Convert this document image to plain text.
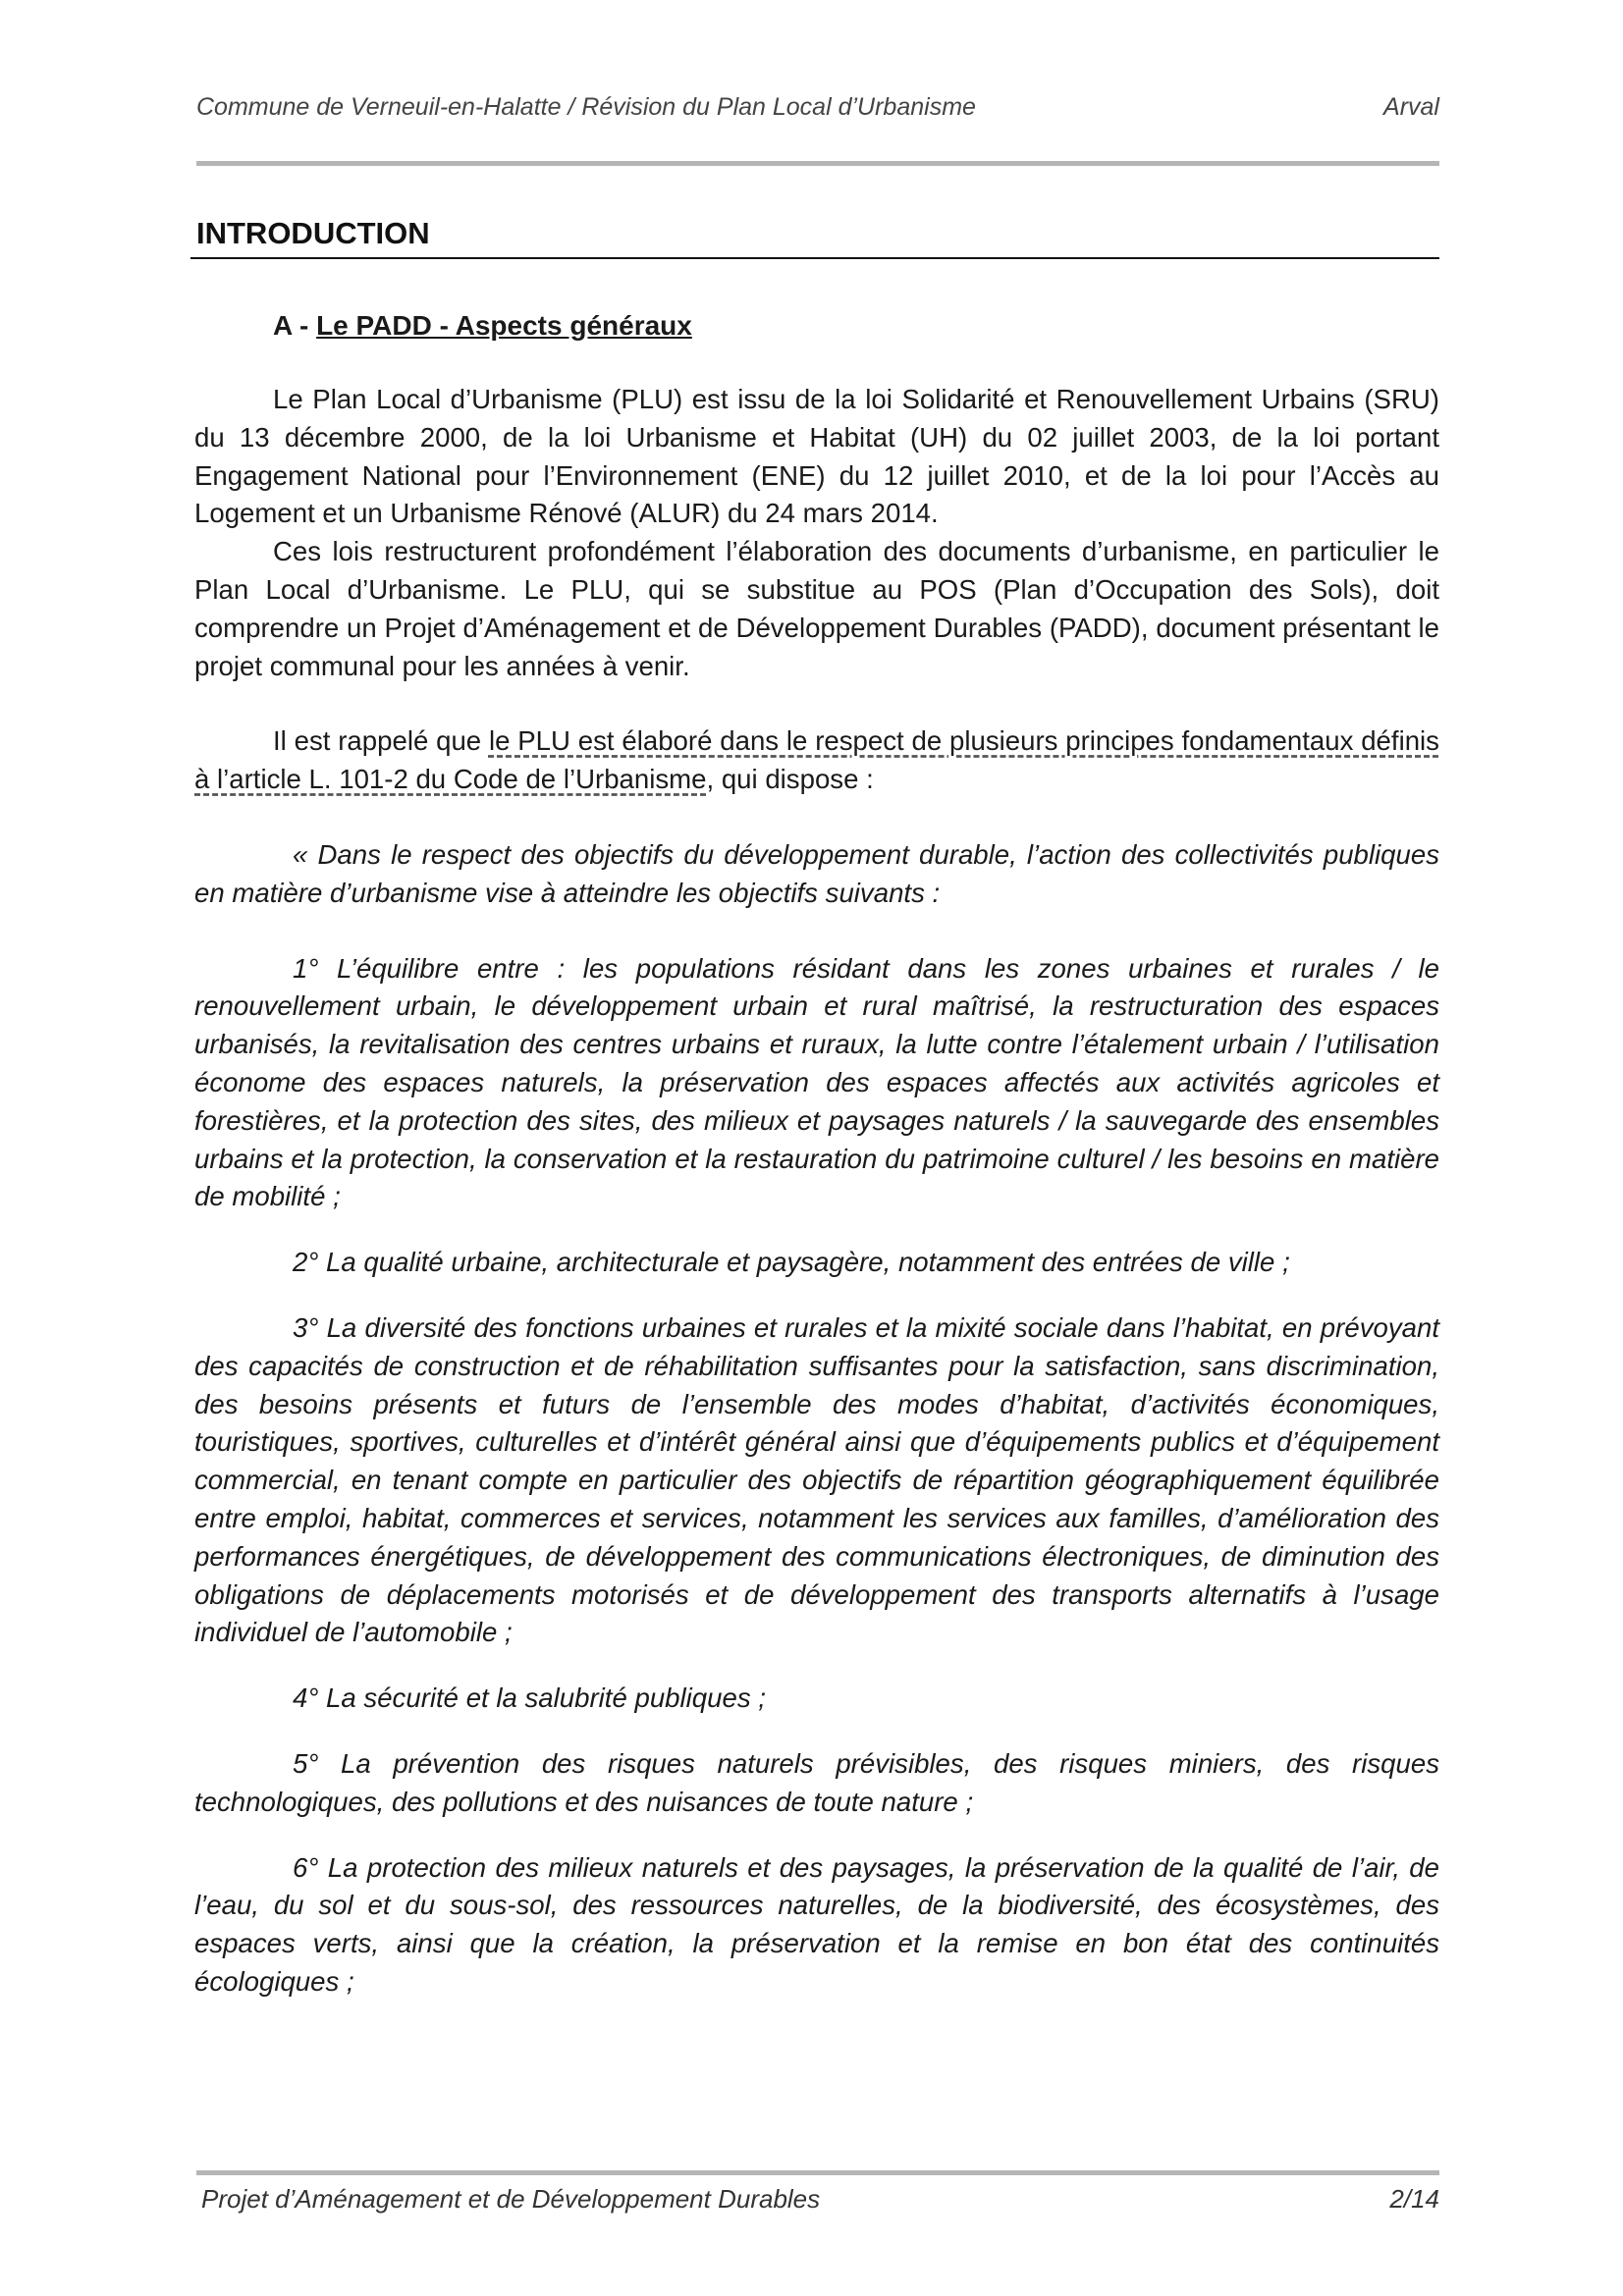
Commune de Verneuil-en-Halatte / Révision du Plan Local d’Urbanisme	Arval
INTRODUCTION
A - Le PADD - Aspects généraux

Le Plan Local d’Urbanisme (PLU) est issu de la loi Solidarité et Renouvellement Urbains (SRU) du 13 décembre 2000, de la loi Urbanisme et Habitat (UH) du 02 juillet 2003, de la loi portant Engagement National pour l’Environnement (ENE) du 12 juillet 2010, et de la loi pour l’Accès au Logement et un Urbanisme Rénové (ALUR) du 24 mars 2014.

Ces lois restructurent profondément l’élaboration des documents d’urbanisme, en particulier le Plan Local d’Urbanisme. Le PLU, qui se substitue au POS (Plan d’Occupation des Sols), doit comprendre un Projet d’Aménagement et de Développement Durables (PADD), document présentant le projet communal pour les années à venir.

Il est rappelé que le PLU est élaboré dans le respect de plusieurs principes fondamentaux définis à l’article L. 101-2 du Code de l’Urbanisme, qui dispose :

« Dans le respect des objectifs du développement durable, l’action des collectivités publiques en matière d’urbanisme vise à atteindre les objectifs suivants :

1° L’équilibre entre : les populations résidant dans les zones urbaines et rurales / le renouvellement urbain, le développement urbain et rural maîtrisé, la restructuration des espaces urbanisés, la revitalisation des centres urbains et ruraux, la lutte contre l’étalement urbain / l’utilisation économe des espaces naturels, la préservation des espaces affectés aux activités agricoles et forestières, et la protection des sites, des milieux et paysages naturels / la sauvegarde des ensembles urbains et la protection, la conservation et la restauration du patrimoine culturel / les besoins en matière de mobilité ;

2° La qualité urbaine, architecturale et paysagère, notamment des entrées de ville ;

3° La diversité des fonctions urbaines et rurales et la mixité sociale dans l’habitat, en prévoyant des capacités de construction et de réhabilitation suffisantes pour la satisfaction, sans discrimination, des besoins présents et futurs de l’ensemble des modes d’habitat, d’activités économiques, touristiques, sportives, culturelles et d’intérêt général ainsi que d’équipements publics et d’équipement commercial, en tenant compte en particulier des objectifs de répartition géographiquement équilibrée entre emploi, habitat, commerces et services, notamment les services aux familles, d’amélioration des performances énergétiques, de développement des communications électroniques, de diminution des obligations de déplacements motorisés et de développement des transports alternatifs à l’usage individuel de l’automobile ;

4° La sécurité et la salubrité publiques ;

5° La prévention des risques naturels prévisibles, des risques miniers, des risques technologiques, des pollutions et des nuisances de toute nature ;

6° La protection des milieux naturels et des paysages, la préservation de la qualité de l’air, de l’eau, du sol et du sous-sol, des ressources naturelles, de la biodiversité, des écosystèmes, des espaces verts, ainsi que la création, la préservation et la remise en bon état des continuités écologiques ;

Projet d’Aménagement et de Développement Durables	2/14
